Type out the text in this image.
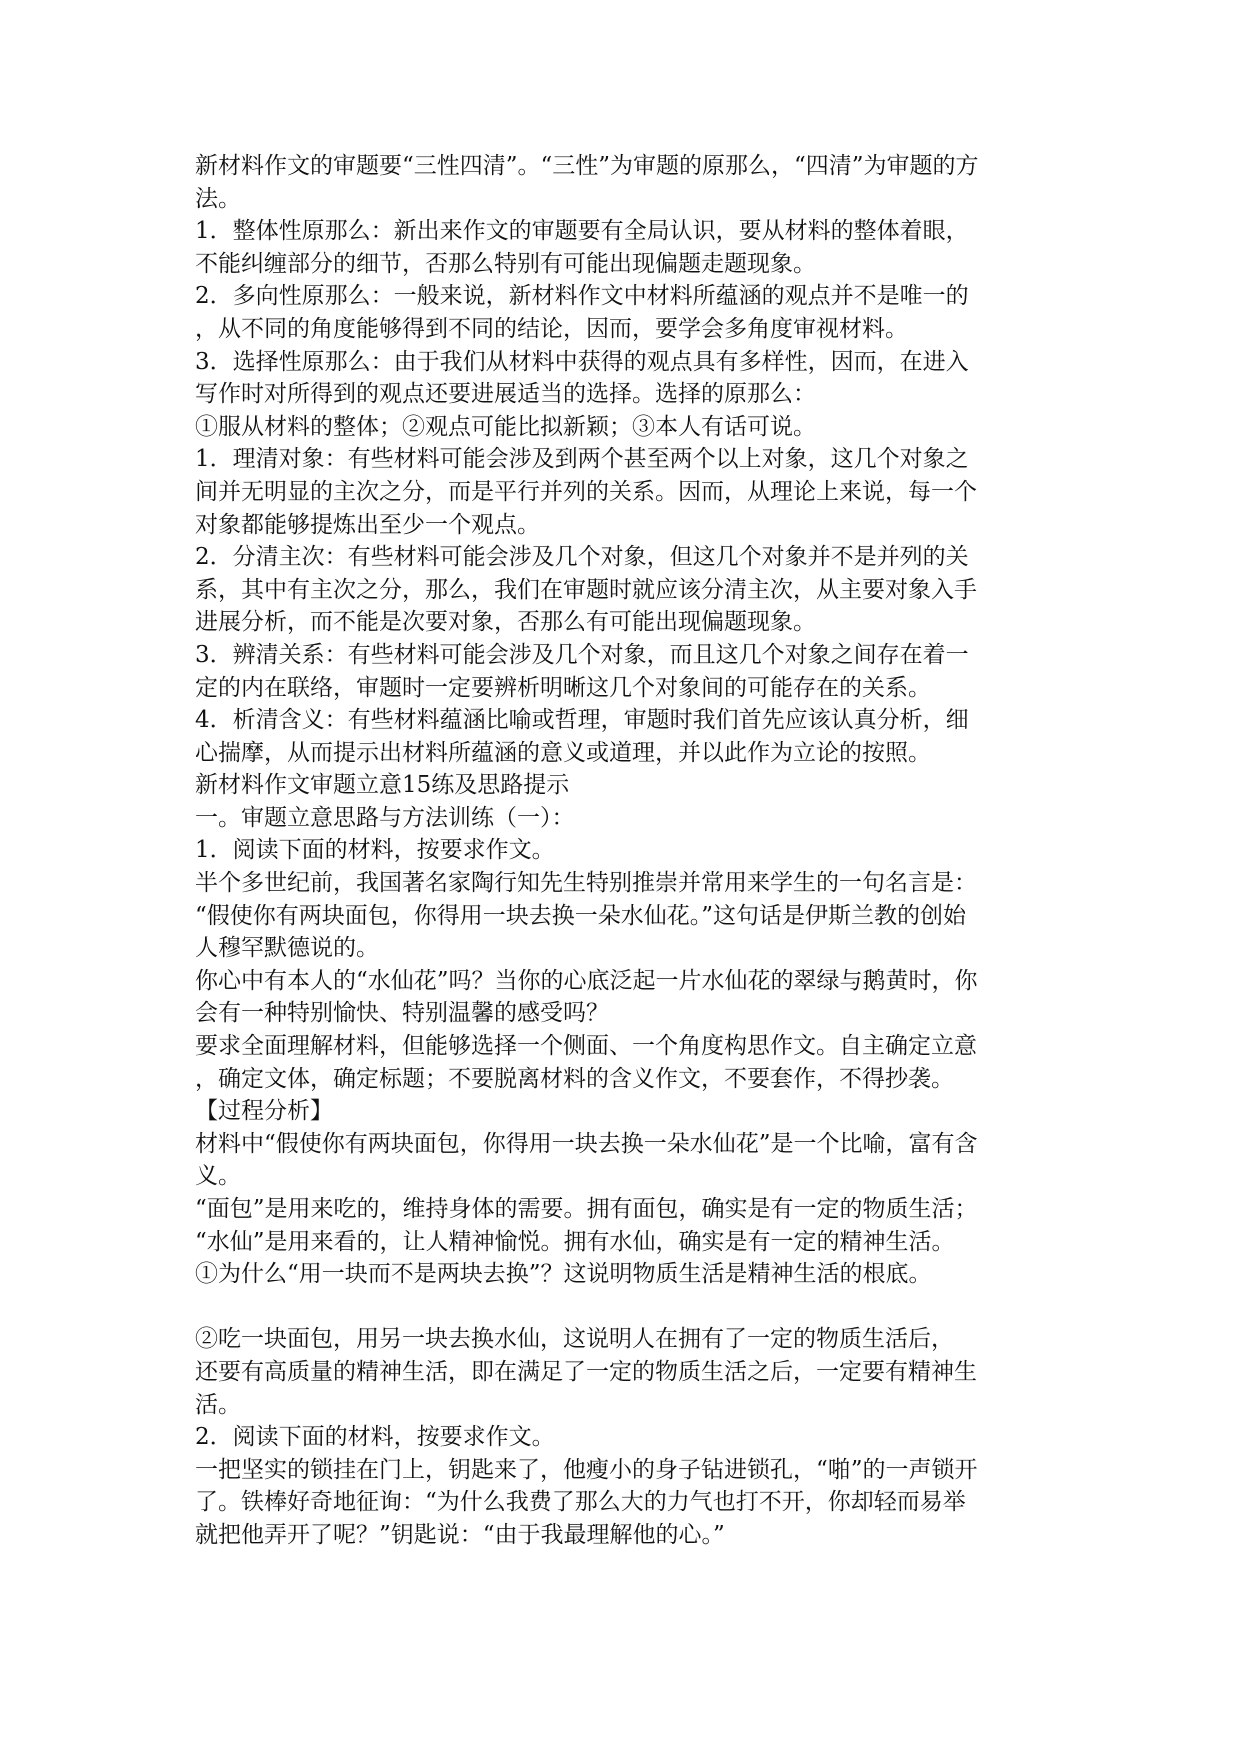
新材料作文的审题要“三性四清”。“三性”为审题的原那么，“四清”为审题的方
法。
1．整体性原那么：新出来作文的审题要有全局认识，要从材料的整体着眼，
不能纠缠部分的细节，否那么特别有可能出现偏题走题现象。
2．多向性原那么：一般来说，新材料作文中材料所蕴涵的观点并不是唯一的
，从不同的角度能够得到不同的结论，因而，要学会多角度审视材料。
3．选择性原那么：由于我们从材料中获得的观点具有多样性，因而，在进入
写作时对所得到的观点还要进展适当的选择。选择的原那么：
①服从材料的整体；②观点可能比拟新颖；③本人有话可说。
1．理清对象：有些材料可能会涉及到两个甚至两个以上对象，这几个对象之
间并无明显的主次之分，而是平行并列的关系。因而，从理论上来说，每一个
对象都能够提炼出至少一个观点。
2．分清主次：有些材料可能会涉及几个对象，但这几个对象并不是并列的关
系，其中有主次之分，那么，我们在审题时就应该分清主次，从主要对象入手
进展分析，而不能是次要对象，否那么有可能出现偏题现象。
3．辨清关系：有些材料可能会涉及几个对象，而且这几个对象之间存在着一
定的内在联络，审题时一定要辨析明晰这几个对象间的可能存在的关系。
4．析清含义：有些材料蕴涵比喻或哲理，审题时我们首先应该认真分析，细
心揣摩，从而提示出材料所蕴涵的意义或道理，并以此作为立论的按照。
新材料作文审题立意15练及思路提示
一。审题立意思路与方法训练（一）：
1．阅读下面的材料，按要求作文。
半个多世纪前，我国著名家陶行知先生特别推崇并常用来学生的一句名言是：
“假使你有两块面包，你得用一块去换一朵水仙花。”这句话是伊斯兰教的创始
人穆罕默德说的。
你心中有本人的“水仙花”吗？当你的心底泛起一片水仙花的翠绿与鹅黄时，你
会有一种特别愉快、特别温馨的感受吗？
要求全面理解材料，但能够选择一个侧面、一个角度构思作文。自主确定立意
，确定文体，确定标题；不要脱离材料的含义作文，不要套作，不得抄袭。
【过程分析】
材料中“假使你有两块面包，你得用一块去换一朵水仙花”是一个比喻，富有含
义。
“面包”是用来吃的，维持身体的需要。拥有面包，确实是有一定的物质生活；
“水仙”是用来看的，让人精神愉悦。拥有水仙，确实是有一定的精神生活。
①为什么“用一块而不是两块去换”？这说明物质生活是精神生活的根底。
②吃一块面包，用另一块去换水仙，这说明人在拥有了一定的物质生活后，
还要有高质量的精神生活，即在满足了一定的物质生活之后，一定要有精神生
活。
2．阅读下面的材料，按要求作文。
一把坚实的锁挂在门上，钥匙来了，他瘦小的身子钻进锁孔，“啪”的一声锁开
了。铁棒好奇地征询：“为什么我费了那么大的力气也打不开，你却轻而易举
就把他弄开了呢？”钥匙说：“由于我最理解他的心。”
